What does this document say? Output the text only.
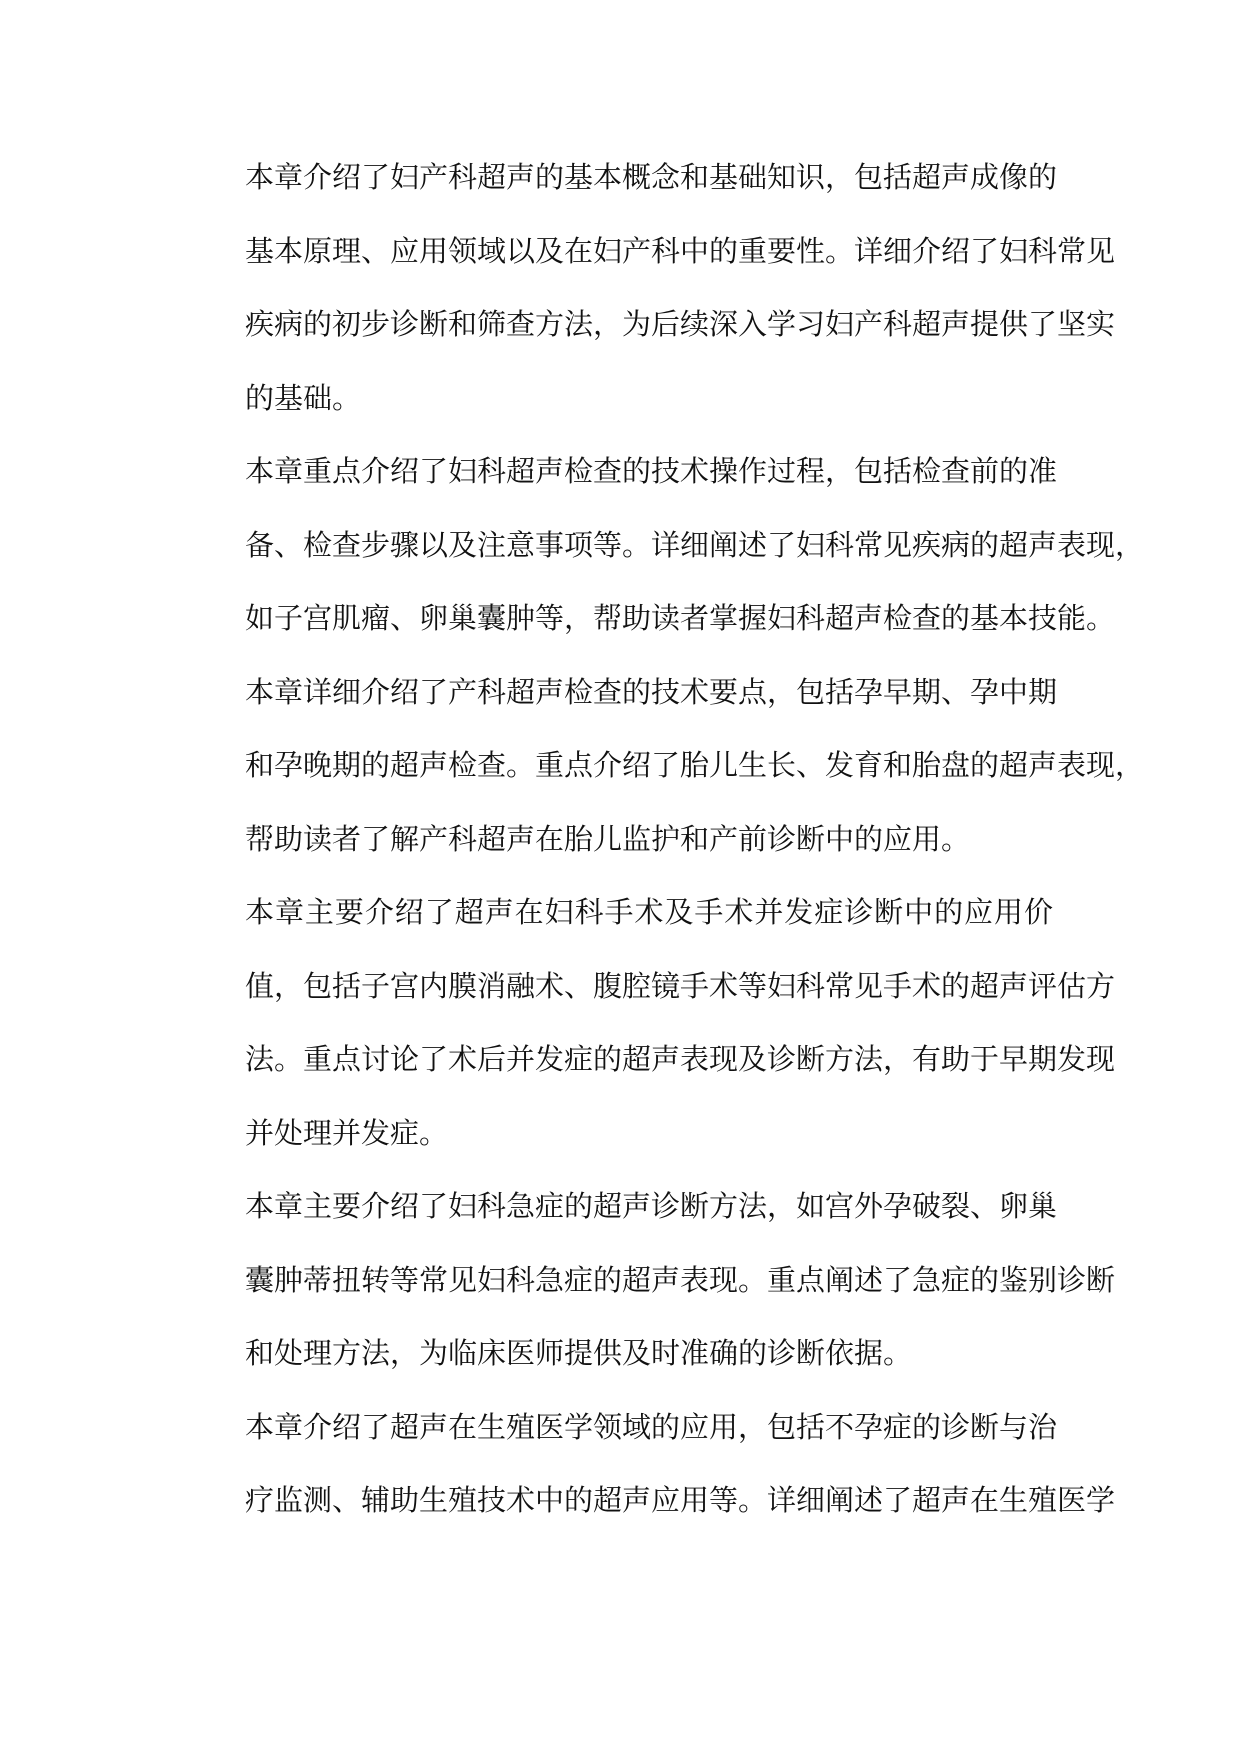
本章介绍了妇产科超声的基本概念和基础知识，包括超声成像的
基本原理、应用领域以及在妇产科中的重要性。详细介绍了妇科常见
疾病的初步诊断和筛查方法，为后续深入学习妇产科超声提供了坚实
的基础。

本章重点介绍了妇科超声检查的技术操作过程，包括检查前的准
备、检查步骤以及注意事项等。详细阐述了妇科常见疾病的超声表现，
如子宫肌瘤、卵巢囊肿等，帮助读者掌握妇科超声检查的基本技能。

本章详细介绍了产科超声检查的技术要点，包括孕早期、孕中期
和孕晚期的超声检查。重点介绍了胎儿生长、发育和胎盘的超声表现，
帮助读者了解产科超声在胎儿监护和产前诊断中的应用。

本章主要介绍了超声在妇科手术及手术并发症诊断中的应用价
值，包括子宫内膜消融术、腹腔镜手术等妇科常见手术的超声评估方
法。重点讨论了术后并发症的超声表现及诊断方法，有助于早期发现
并处理并发症。

本章主要介绍了妇科急症的超声诊断方法，如宫外孕破裂、卵巢
囊肿蒂扭转等常见妇科急症的超声表现。重点阐述了急症的鉴别诊断
和处理方法，为临床医师提供及时准确的诊断依据。

本章介绍了超声在生殖医学领域的应用，包括不孕症的诊断与治
疗监测、辅助生殖技术中的超声应用等。详细阐述了超声在生殖医学
